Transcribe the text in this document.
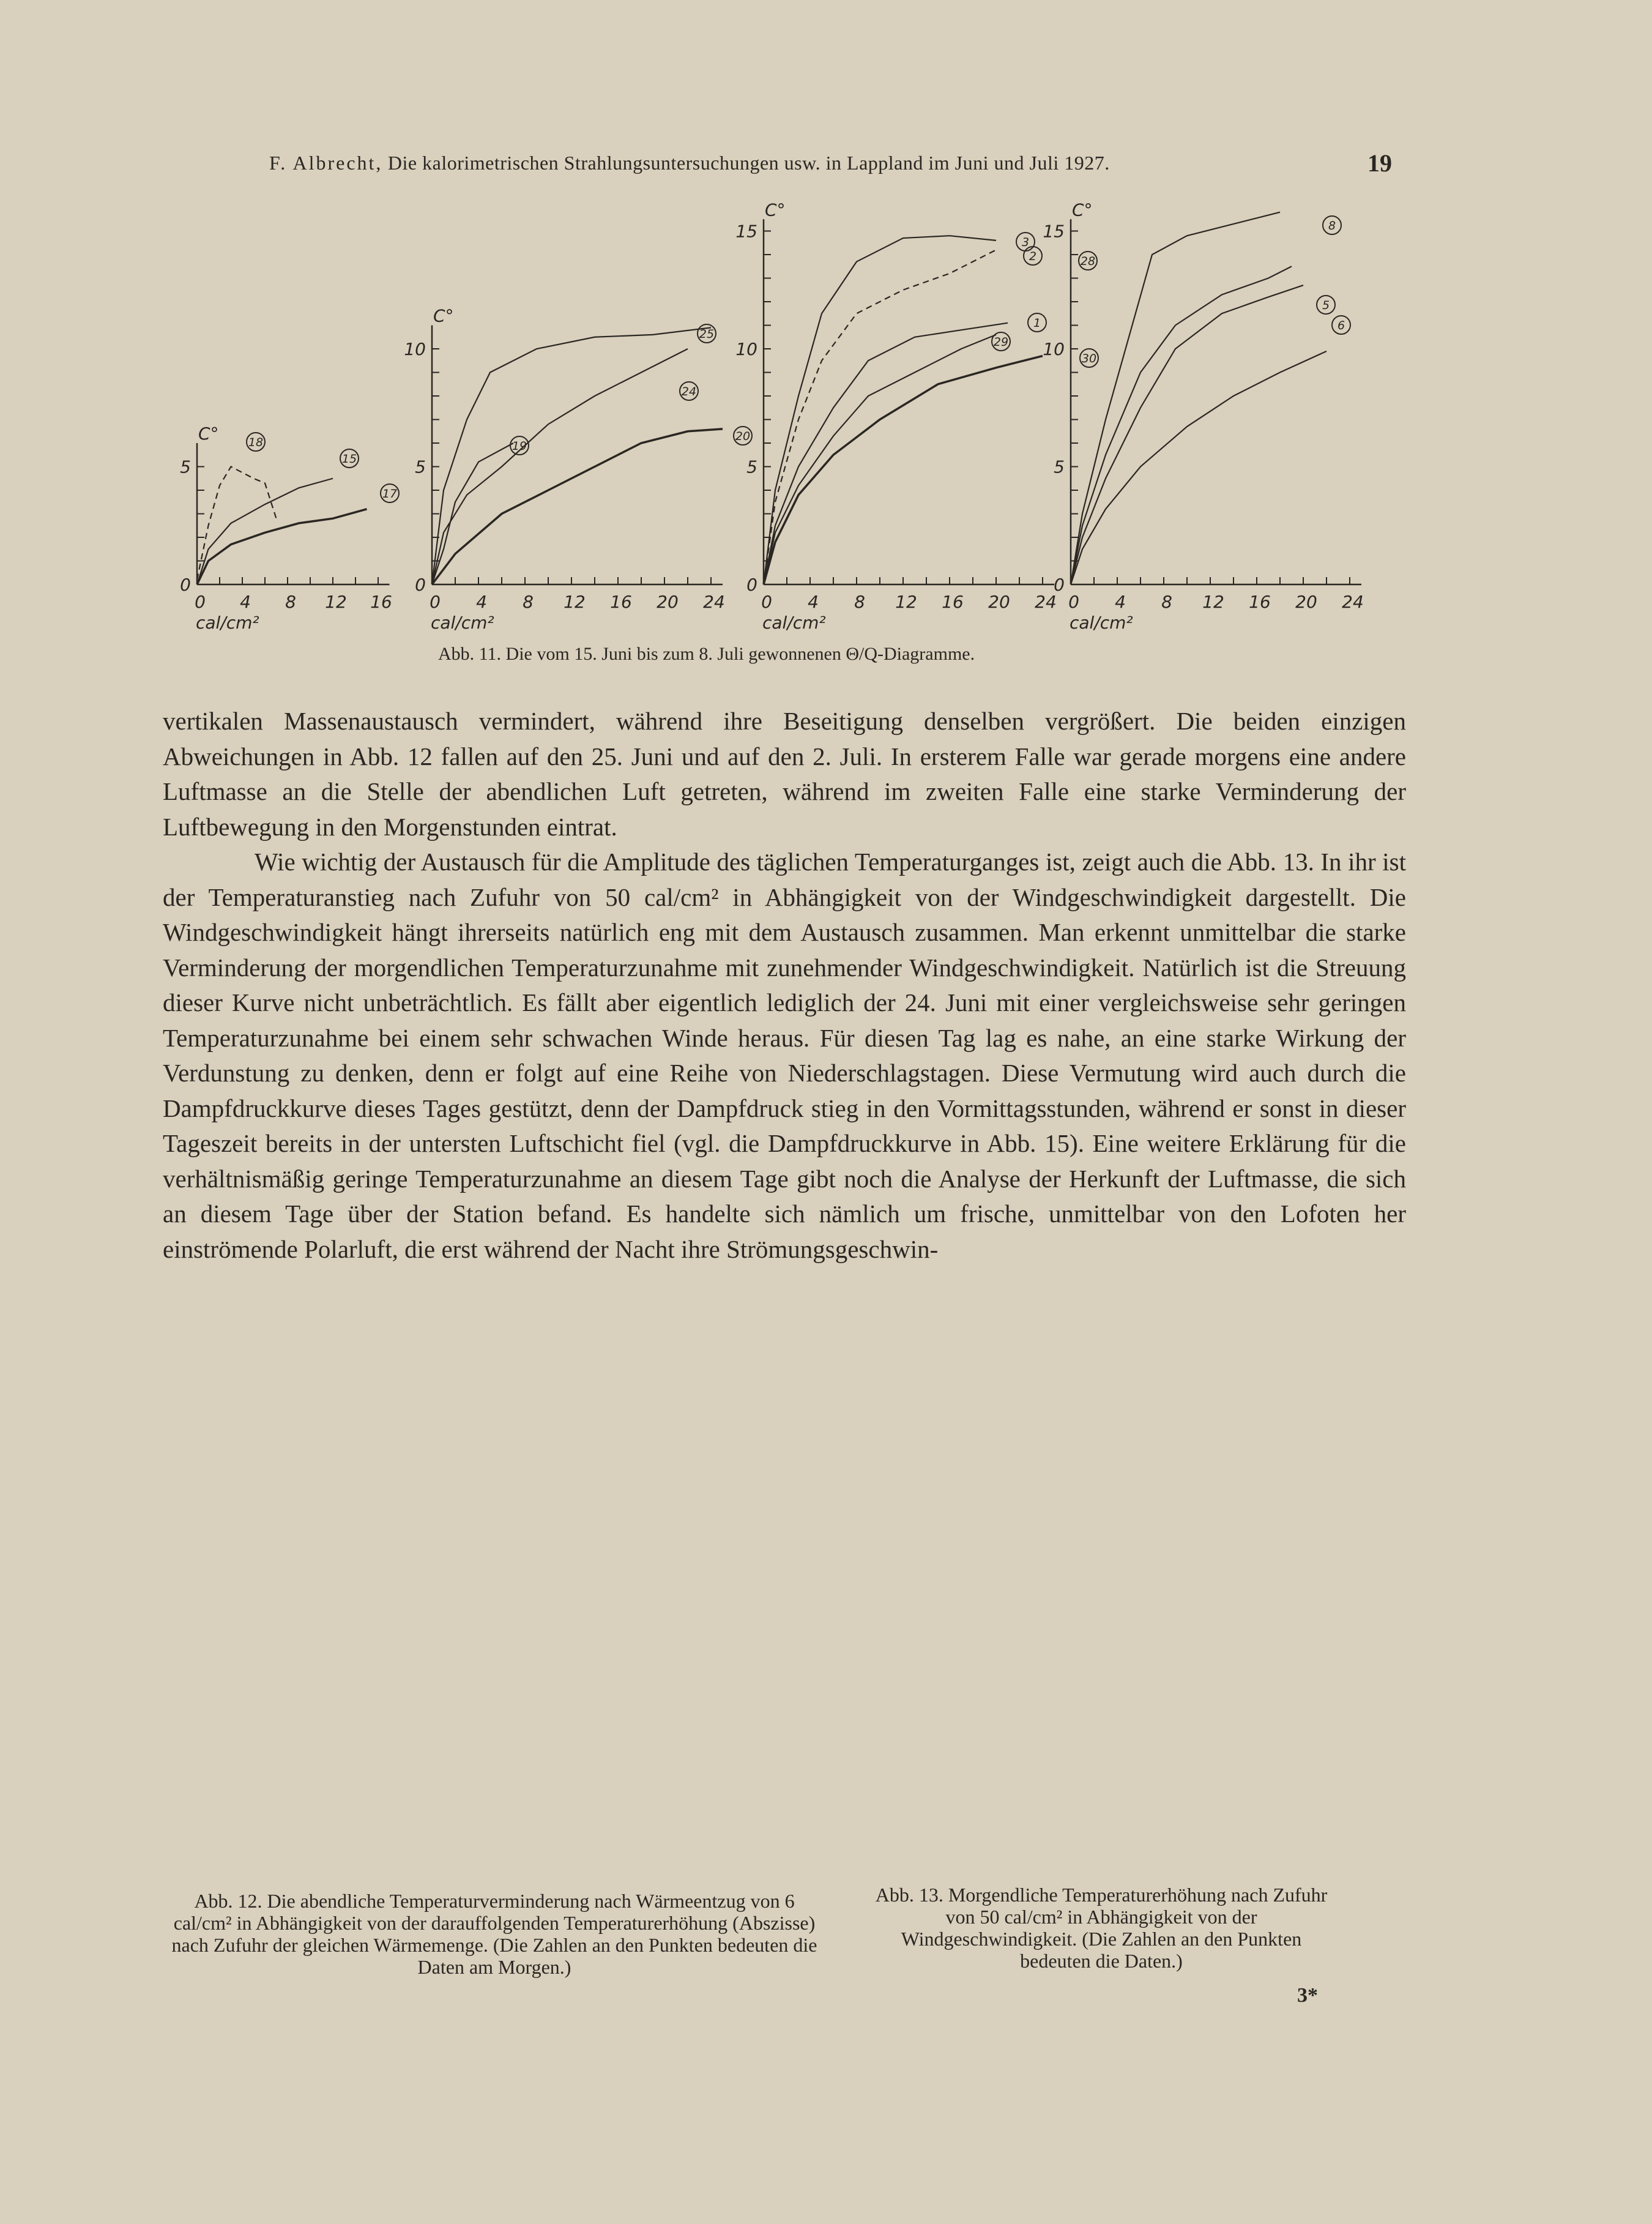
F. Albrecht, Die kalorimetrischen Strahlungsuntersuchungen usw. in Lappland im Juni und Juli 1927.	19
0 4 8 12 16
0
5
cal/cm²
C°	18
15
17
0 4 8 12 16 20 24
0
5
10
cal/cm²
C°
25
24
19
20
0 4 8 12 16 20 24
0
5
10
15
cal/cm²
C°
3
2
1
29
30
0 4 8 12 16 20 24
0
5
10
15
cal/cm²
C°
28
8
5
6
Abb. 11. Die vom 15. Juni bis zum 8. Juli gewonnenen Θ/Q-Diagramme.

vertikalen Massenaustausch vermindert, während ihre Beseitigung denselben vergrößert. Die beiden einzigen Abweichungen in Abb. 12 fallen auf den 25. Juni und auf den 2. Juli. In ersterem Falle war gerade morgens eine andere Luftmasse an die Stelle der abendlichen Luft getreten, während im zweiten Falle eine starke Verminderung der Luftbewegung in den Morgenstunden eintrat.

Wie wichtig der Austausch für die Amplitude des täglichen Temperaturganges ist, zeigt auch die Abb. 13. In ihr ist der Temperaturanstieg nach Zufuhr von 50 cal/cm² in Abhängigkeit von der Windgeschwindigkeit dargestellt. Die Windgeschwindigkeit hängt ihrerseits natürlich eng mit dem Austausch zusammen. Man erkennt unmittelbar die starke Verminderung der morgendlichen Temperaturzunahme mit zunehmender Windgeschwindigkeit. Natürlich ist die Streuung dieser Kurve nicht unbeträchtlich. Es fällt aber eigentlich lediglich der 24. Juni mit einer vergleichsweise sehr geringen Temperaturzunahme bei einem sehr schwachen Winde heraus. Für diesen Tag lag es nahe, an eine starke Wirkung der Verdunstung zu denken, denn er folgt auf eine Reihe von Niederschlagstagen. Diese Vermutung wird auch durch die Dampfdruckkurve dieses Tages gestützt, denn der Dampfdruck stieg in den Vormittagsstunden, während er sonst in dieser Tageszeit bereits in der untersten Luftschicht fiel (vgl. die Dampfdruckkurve in Abb. 15). Eine weitere Erklärung für die verhältnismäßig geringe Temperaturzunahme an diesem Tage gibt noch die Analyse der Herkunft der Luftmasse, die sich an diesem Tage über der Station befand. Es handelte sich nämlich um frische, unmittelbar von den Lofoten her einströmende Polarluft, die erst während der Nacht ihre Strömungsgeschwin-

Abb. 12. Die abendliche Temperaturverminderung nach Wärmeentzug von 6 cal/cm² in Abhängigkeit von der darauffolgenden Temperaturerhöhung (Abszisse) nach Zufuhr der gleichen Wärmemenge. (Die Zahlen an den Punkten bedeuten die Daten am Morgen.)
Abb. 13. Morgendliche Temperaturerhöhung nach Zufuhr von 50 cal/cm² in Abhängigkeit von der Windgeschwindigkeit. (Die Zahlen an den Punkten bedeuten die Daten.)
3*
